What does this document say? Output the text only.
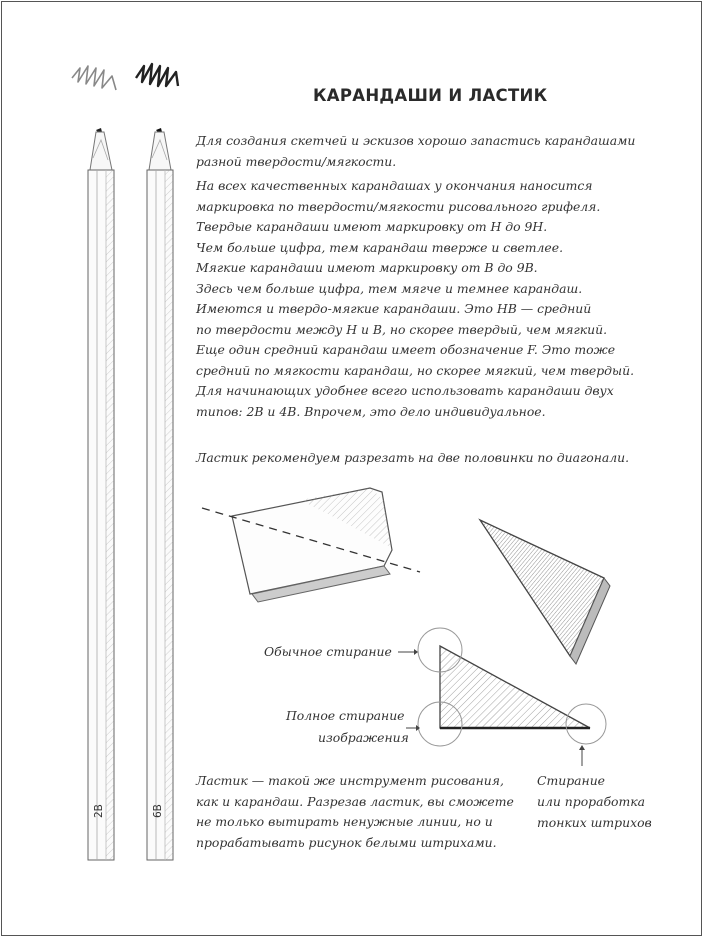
2B	6B
КАРАНДАШИ И ЛАСТИК
Для создания скетчей и эскизов хорошо запастись карандашами
разной твердости/мягкости.
На всех качественных карандашах у окончания наносится
маркировка по твердости/мягкости рисовального грифеля.
Твердые карандаши имеют маркировку от Н до 9Н.
Чем больше цифра, тем карандаш тверже и светлее.
Мягкие карандаши имеют маркировку от В до 9В.
Здесь чем больше цифра, тем мягче и темнее карандаш.
Имеются и твердо-мягкие карандаши. Это НВ — средний
по твердости между Н и В, но скорее твердый, чем мягкий.
Еще один средний карандаш имеет обозначение F. Это тоже
средний по мягкости карандаш, но скорее мягкий, чем твердый.
Для начинающих удобнее всего использовать карандаши двух
типов: 2В и 4В. Впрочем, это дело индивидуальное.
Ластик рекомендуем разрезать на две половинки по диагонали.
Обычное стирание
Полное стирание
изображения
Стирание
или проработка
тонких штрихов
Ластик — такой же инструмент рисования,
как и карандаш. Разрезав ластик, вы сможете
не только вытирать ненужные линии, но и
прорабатывать рисунок белыми штрихами.
